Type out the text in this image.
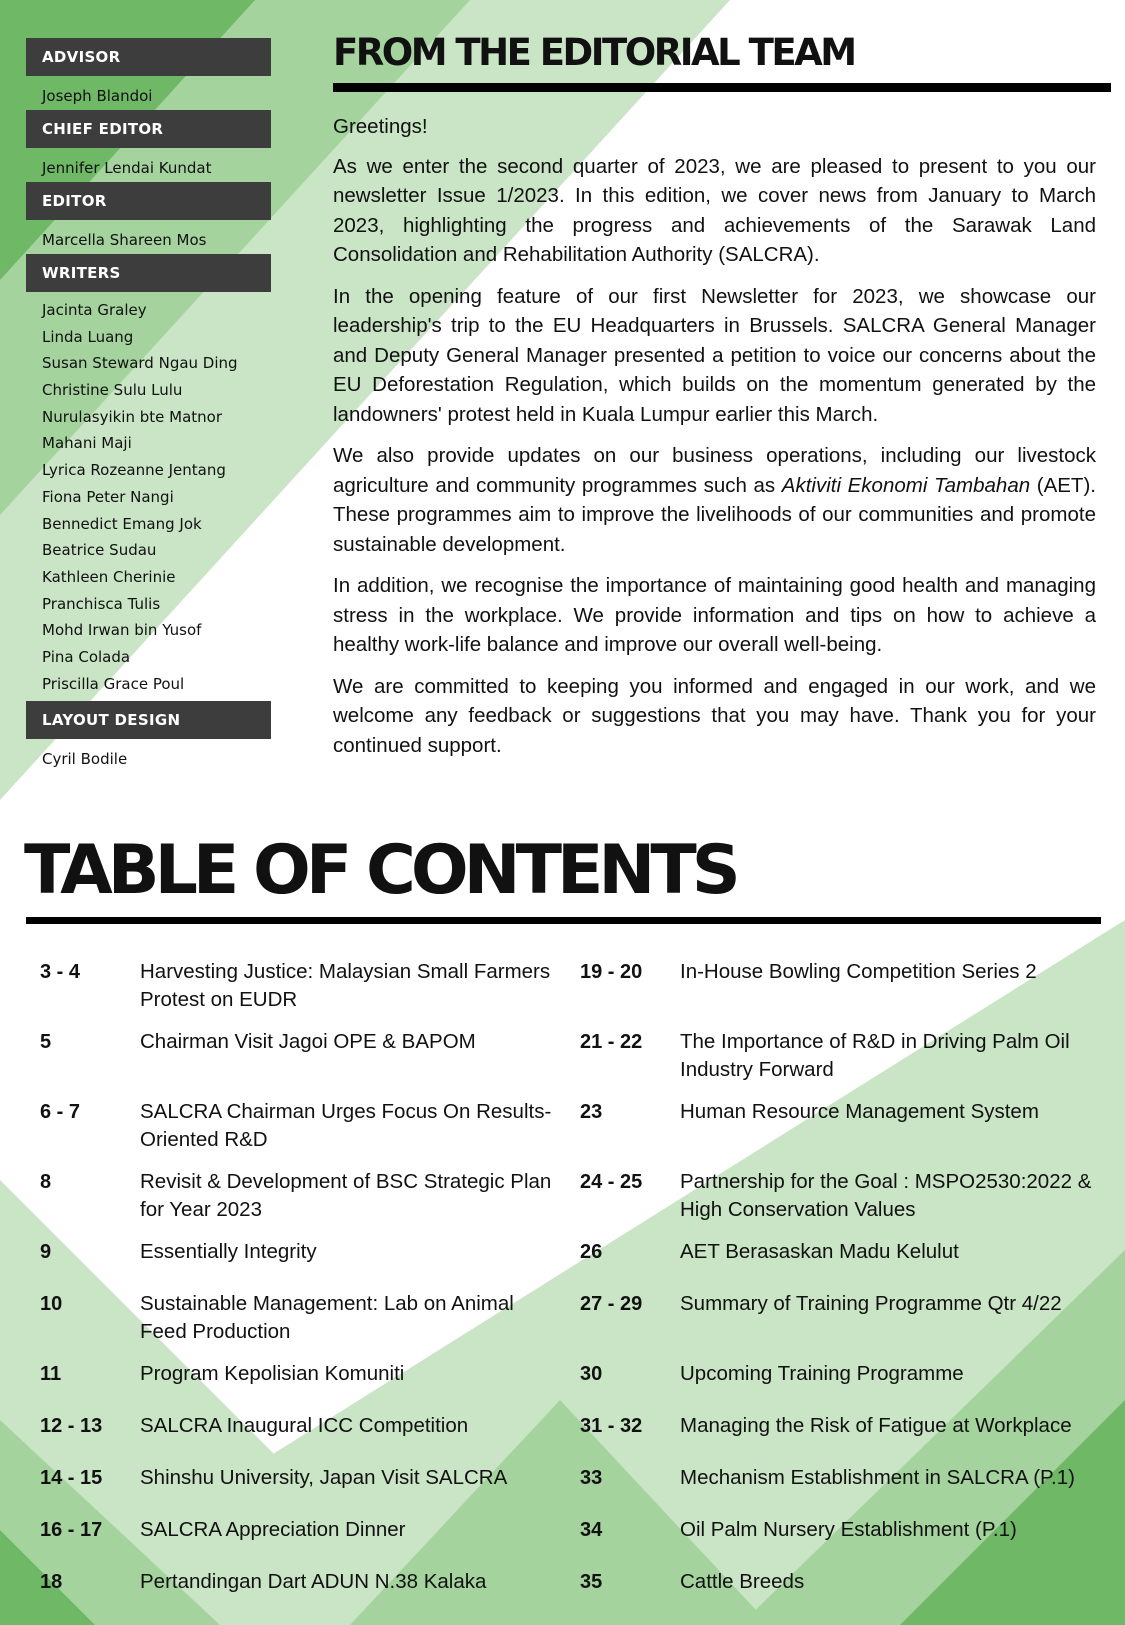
ADVISOR
Joseph Blandoi
CHIEF EDITOR
Jennifer Lendai Kundat
EDITOR
Marcella Shareen Mos
WRITERS
Jacinta Graley
Linda Luang
Susan Steward Ngau Ding
Christine Sulu Lulu
Nurulasyikin bte Matnor
Mahani Maji
Lyrica Rozeanne Jentang
Fiona Peter Nangi
Bennedict Emang Jok
Beatrice Sudau
Kathleen Cherinie
Pranchisca Tulis
Mohd Irwan bin Yusof
Pina Colada
Priscilla Grace Poul
LAYOUT DESIGN
Cyril Bodile
FROM THE EDITORIAL TEAM

Greetings!

As we enter the second quarter of 2023, we are pleased to present to you our newsletter Issue 1/2023. In this edition, we cover news from January to March 2023, highlighting the progress and achievements of the Sarawak Land Consolidation and Rehabilitation Authority (SALCRA).

In the opening feature of our first Newsletter for 2023, we showcase our leadership's trip to the EU Headquarters in Brussels. SALCRA General Manager and Deputy General Manager presented a petition to voice our concerns about the EU Deforestation Regulation, which builds on the momentum generated by the landowners' protest held in Kuala Lumpur earlier this March.

We also provide updates on our business operations, including our livestock agriculture and community programmes such as Aktiviti Ekonomi Tambahan (AET). These programmes aim to improve the livelihoods of our communities and promote sustainable development.

In addition, we recognise the importance of maintaining good health and managing stress in the workplace. We provide information and tips on how to achieve a healthy work-life balance and improve our overall well-being.

We are committed to keeping you informed and engaged in our work, and we welcome any feedback or suggestions that you may have. Thank you for your continued support.

TABLE OF CONTENTS
3 - 4	Harvesting Justice: Malaysian Small Farmers Protest on EUDR
5	Chairman Visit Jagoi OPE & BAPOM
6 - 7	SALCRA Chairman Urges Focus On Results-Oriented R&D
8	Revisit & Development of BSC Strategic Plan for Year 2023
9	Essentially Integrity
10	Sustainable Management: Lab on Animal Feed Production
11	Program Kepolisian Komuniti
12 - 13	SALCRA Inaugural ICC Competition
14 - 15	Shinshu University, Japan Visit SALCRA
16 - 17	SALCRA Appreciation Dinner
18	Pertandingan Dart ADUN N.38 Kalaka
19 - 20	In-House Bowling Competition Series 2
21 - 22	The Importance of R&D in Driving Palm Oil Industry Forward
23	Human Resource Management System
24 - 25	Partnership for the Goal : MSPO2530:2022 & High Conservation Values
26	AET Berasaskan Madu Kelulut
27 - 29	Summary of Training Programme Qtr 4/22
30	Upcoming Training Programme
31 - 32	Managing the Risk of Fatigue at Workplace
33	Mechanism Establishment in SALCRA (P.1)
34	Oil Palm Nursery Establishment (P.1)
35	Cattle Breeds
